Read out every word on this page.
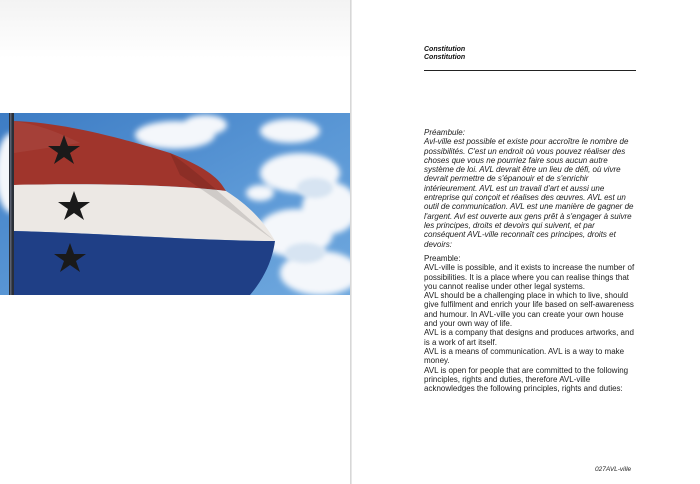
Constitution
Constitution
Préambule:
Avl-ville est possible et existe pour accroître le nombre de possibilités. C'est un endroit où vous pouvez réaliser des choses que vous ne pourriez faire sous aucun autre système de loi. AVL devrait être un lieu de défi, où vivre devrait permettre de s'épanouir et de s'enrichir intérieurement. AVL est un travail d'art et aussi une entreprise qui conçoit et réalises des œuvres. AVL est un outil de communication. AVL est une manière de gagner de l'argent. Avl est ouverte aux gens prêt à s'engager à suivre les principes, droits et devoirs qui suivent, et par conséquent AVL-ville reconnaît ces principes, droits et devoirs:
Preamble:
AVL-ville is possible, and it exists to increase the number of possibilities. It is a place where you can realise things that you cannot realise under other legal systems.
AVL should be a challenging place in which to live, should give fulfilment and enrich your life based on self-awareness and humour. In AVL-ville you can create your own house and your own way of life.
AVL is a company that designs and produces artworks, and is a work of art itself.
AVL is a means of communication. AVL is a way to make money.
AVL is open for people that are committed to the following principles, rights and duties, therefore AVL-ville acknowledges the following principles, rights and duties:
027AVL-ville
